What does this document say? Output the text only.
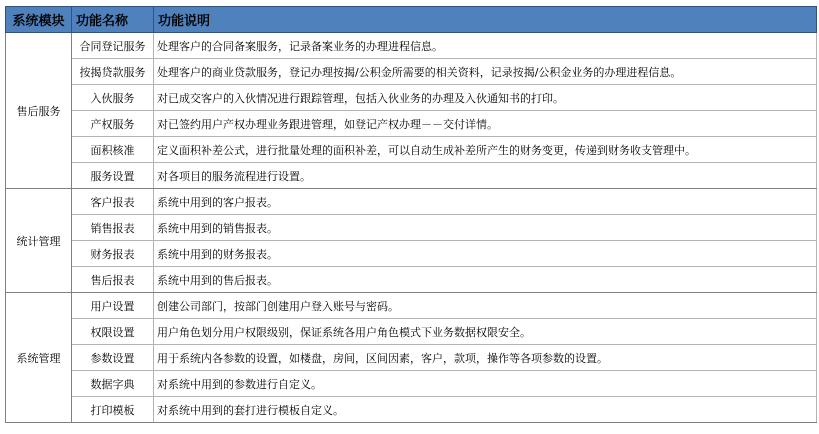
系统模块	功能名称	功能说明
售后服务	合同登记服务	处理客户的合同备案服务，记录备案业务的办理进程信息。
	按揭贷款服务	处理客户的商业贷款服务，登记办理按揭/公积金所需要的相关资料，记录按揭/公积金业务的办理进程信息。
	入伙服务	对已成交客户的入伙情况进行跟踪管理，包括入伙业务的办理及入伙通知书的打印。
	产权服务	对已签约用户产权办理业务跟进管理，如登记产权办理－－交付详情。
	面积核准	定义面积补差公式，进行批量处理的面积补差，可以自动生成补差所产生的财务变更，传递到财务收支管理中。
	服务设置	对各项目的服务流程进行设置。
统计管理	客户报表	系统中用到的客户报表。
	销售报表	系统中用到的销售报表。
	财务报表	系统中用到的财务报表。
	售后报表	系统中用到的售后报表。
系统管理	用户设置	创建公司部门，按部门创建用户登入账号与密码。
	权限设置	用户角色划分用户权限级别，保证系统各用户角色模式下业务数据权限安全。
	参数设置	用于系统内各参数的设置，如楼盘，房间，区间因素，客户，款项，操作等各项参数的设置。
	数据字典	对系统中用到的参数进行自定义。
	打印模板	对系统中用到的套打进行模板自定义。
